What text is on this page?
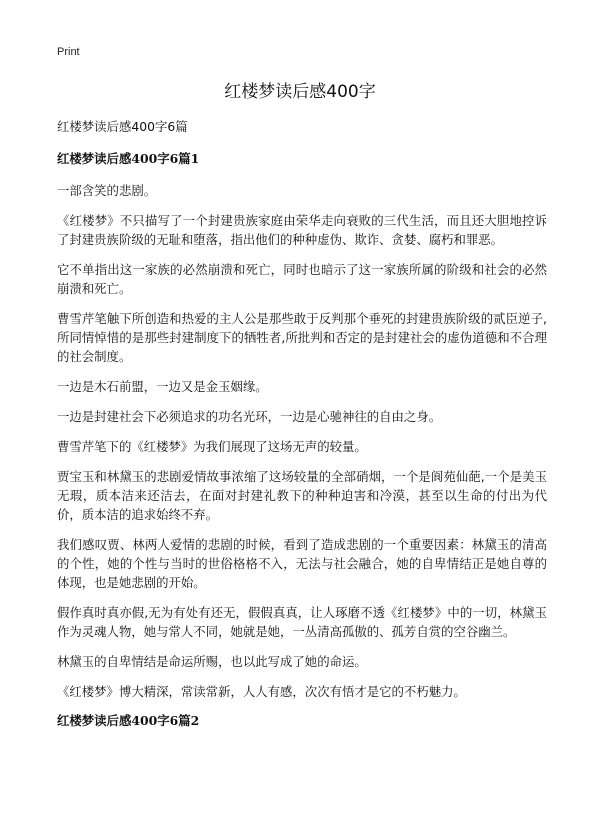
Print
红楼梦读后感400字

红楼梦读后感400字6篇

红楼梦读后感400字6篇1

一部含笑的悲剧。

《红楼梦》不只描写了一个封建贵族家庭由荣华走向衰败的三代生活，而且还大胆地控诉了封建贵族阶级的无耻和堕落，指出他们的种种虚伪、欺诈、贪婪、腐朽和罪恶。

它不单指出这一家族的必然崩溃和死亡，同时也暗示了这一家族所属的阶级和社会的必然崩溃和死亡。

曹雪芹笔触下所创造和热爱的主人公是那些敢于反判那个垂死的封建贵族阶级的贰臣逆子,所同情悼惜的是那些封建制度下的牺牲者,所批判和否定的是封建社会的虚伪道德和不合理的社会制度。

一边是木石前盟，一边又是金玉姻缘。

一边是封建社会下必须追求的功名光环，一边是心驰神往的自由之身。

曹雪芹笔下的《红楼梦》为我们展现了这场无声的较量。

贾宝玉和林黛玉的悲剧爱情故事浓缩了这场较量的全部硝烟，一个是阆苑仙葩,一个是美玉无瑕，质本洁来还洁去，在面对封建礼教下的种种迫害和冷漠，甚至以生命的付出为代价，质本洁的追求始终不弃。

我们感叹贾、林两人爱情的悲剧的时候，看到了造成悲剧的一个重要因素：林黛玉的清高的个性，她的个性与当时的世俗格格不入，无法与社会融合，她的自卑情结正是她自尊的体现，也是她悲剧的开始。

假作真时真亦假,无为有处有还无，假假真真，让人琢磨不透《红楼梦》中的一切，林黛玉作为灵魂人物，她与常人不同，她就是她，一丛清高孤傲的、孤芳自赏的空谷幽兰。

林黛玉的自卑情结是命运所赐，也以此写成了她的命运。

《红楼梦》博大精深，常读常新，人人有感，次次有悟才是它的不朽魅力。

红楼梦读后感400字6篇2
